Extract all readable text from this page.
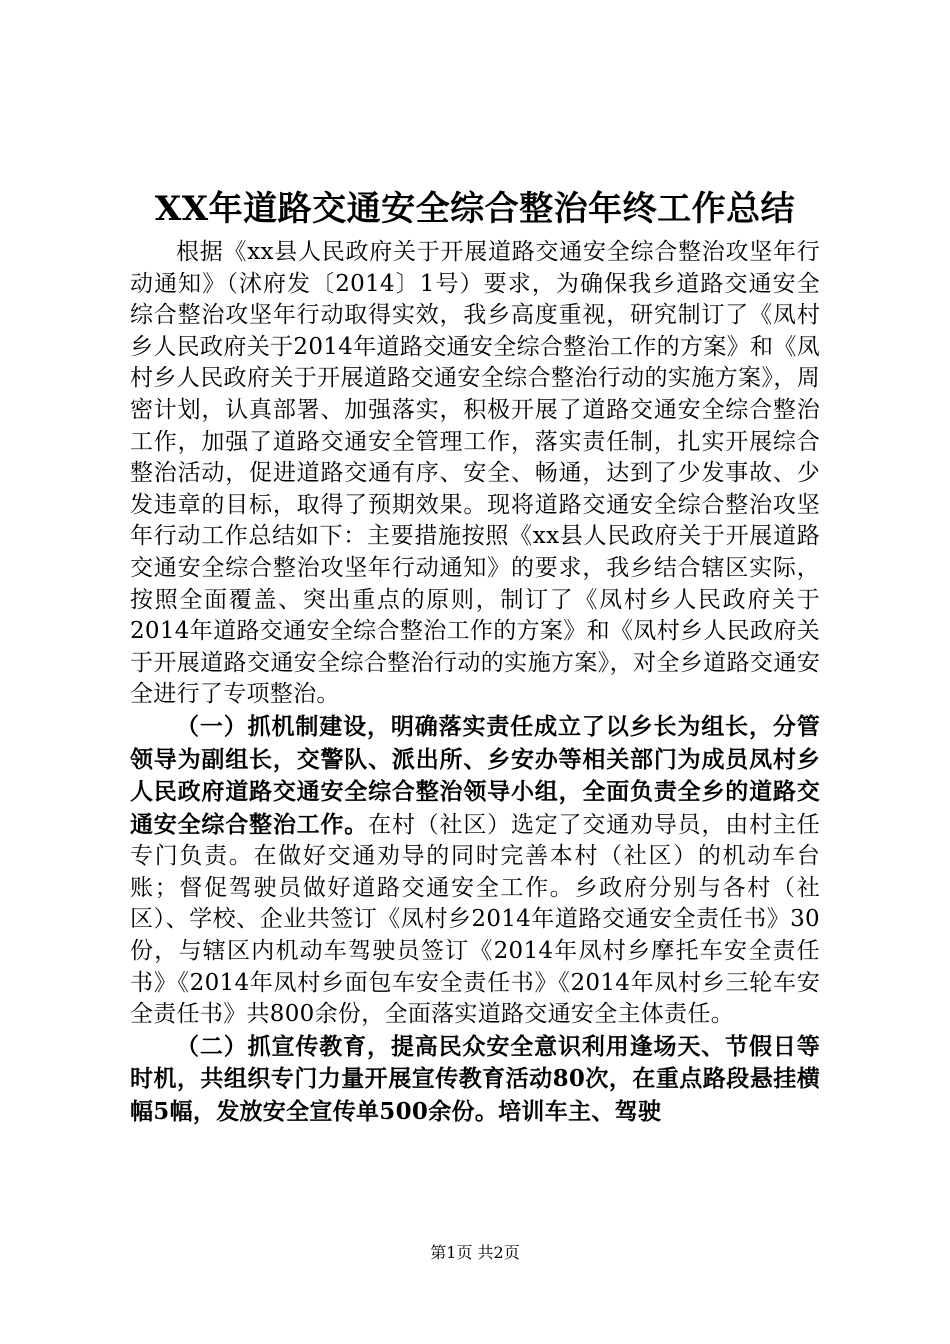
XX年道路交通安全综合整治年终工作总结

根据《xx县人民政府关于开展道路交通安全综合整治攻坚年行动通知》（沭府发〔2014〕1号）要求，为确保我乡道路交通安全综合整治攻坚年行动取得实效，我乡高度重视，研究制订了《凤村乡人民政府关于2014年道路交通安全综合整治工作的方案》和《凤村乡人民政府关于开展道路交通安全综合整治行动的实施方案》，周密计划，认真部署、加强落实，积极开展了道路交通安全综合整治工作，加强了道路交通安全管理工作，落实责任制，扎实开展综合整治活动，促进道路交通有序、安全、畅通，达到了少发事故、少发违章的目标，取得了预期效果。现将道路交通安全综合整治攻坚年行动工作总结如下：主要措施按照《xx县人民政府关于开展道路交通安全综合整治攻坚年行动通知》的要求，我乡结合辖区实际，按照全面覆盖、突出重点的原则，制订了《凤村乡人民政府关于2014年道路交通安全综合整治工作的方案》和《凤村乡人民政府关于开展道路交通安全综合整治行动的实施方案》，对全乡道路交通安全进行了专项整治。

（一）抓机制建设，明确落实责任成立了以乡长为组长，分管领导为副组长，交警队、派出所、乡安办等相关部门为成员凤村乡人民政府道路交通安全综合整治领导小组，全面负责全乡的道路交通安全综合整治工作。在村（社区）选定了交通劝导员，由村主任专门负责。在做好交通劝导的同时完善本村（社区）的机动车台账；督促驾驶员做好道路交通安全工作。乡政府分别与各村（社区）、学校、企业共签订《凤村乡2014年道路交通安全责任书》30份，与辖区内机动车驾驶员签订《2014年凤村乡摩托车安全责任书》《2014年凤村乡面包车安全责任书》《2014年凤村乡三轮车安全责任书》共800余份，全面落实道路交通安全主体责任。

（二）抓宣传教育，提高民众安全意识利用逢场天、节假日等时机，共组织专门力量开展宣传教育活动80次，在重点路段悬挂横幅5幅，发放安全宣传单500余份。培训车主、驾驶

第1页 共2页
